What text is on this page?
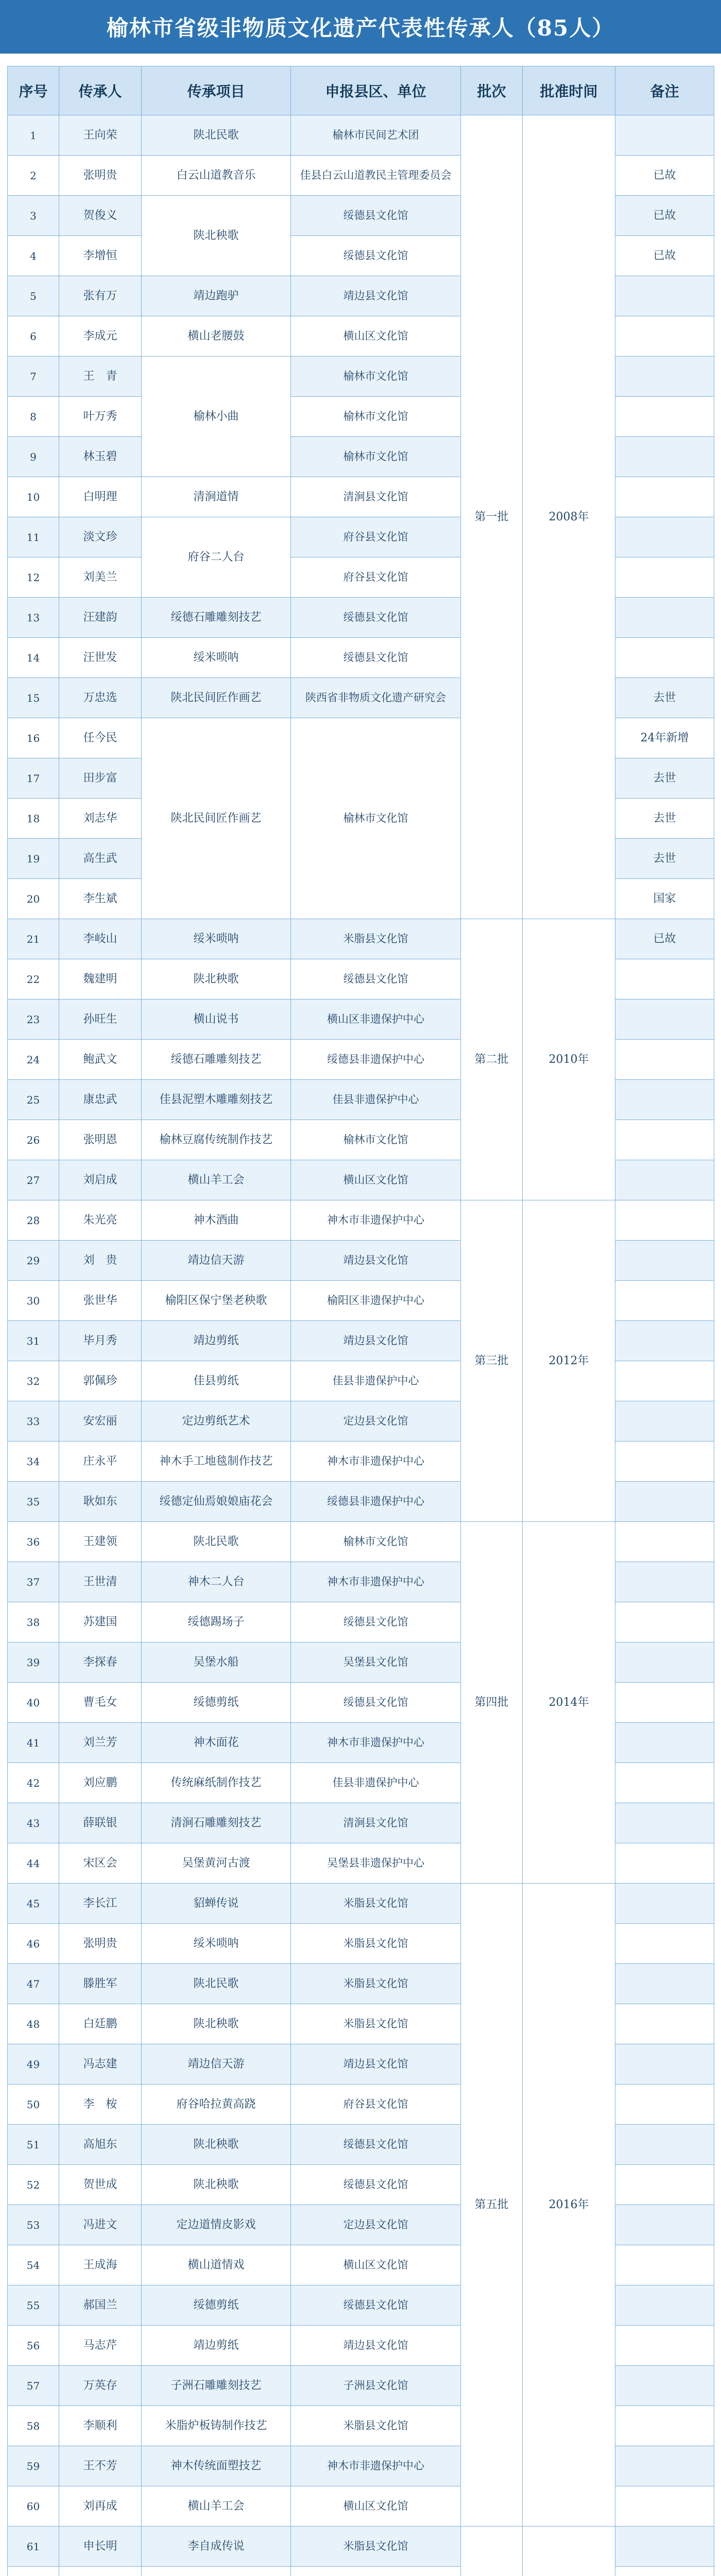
榆林市省级非物质文化遗产代表性传承人（85人）
序号	传承人	传承项目	申报县区、单位	批次	批准时间	备注
1	王向荣	陕北民歌	榆林市民间艺术团	第一批	2008年	
2	张明贵	白云山道教音乐	佳县白云山道教民主管理委员会			已故
3	贺俊义	陕北秧歌	绥德县文化馆			已故
4	李增恒		绥德县文化馆			已故
5	张有万	靖边跑驴	靖边县文化馆			
6	李成元	横山老腰鼓	横山区文化馆			
7	王　青	榆林小曲	榆林市文化馆			
8	叶万秀		榆林市文化馆			
9	林玉碧		榆林市文化馆			
10	白明理	清涧道情	清涧县文化馆			
11	淡文珍	府谷二人台	府谷县文化馆			
12	刘美兰		府谷县文化馆			
13	汪建韵	绥德石雕雕刻技艺	绥德县文化馆			
14	汪世发	绥米唢呐	绥德县文化馆			
15	万忠选	陕北民间匠作画艺	陕西省非物质文化遗产研究会			去世
16	任今民	陕北民间匠作画艺	榆林市文化馆			24年新增
17	田步富					去世
18	刘志华					去世
19	高生武					去世
20	李生斌					国家
21	李岐山	绥米唢呐	米脂县文化馆	第二批	2010年	已故
22	魏建明	陕北秧歌	绥德县文化馆			
23	孙旺生	横山说书	横山区非遗保护中心			
24	鲍武文	绥德石雕雕刻技艺	绥德县非遗保护中心			
25	康忠武	佳县泥塑木雕雕刻技艺	佳县非遗保护中心			
26	张明恩	榆林豆腐传统制作技艺	榆林市文化馆			
27	刘启成	横山羊工会	横山区文化馆			
28	朱光亮	神木酒曲	神木市非遗保护中心	第三批	2012年	
29	刘　贵	靖边信天游	靖边县文化馆			
30	张世华	榆阳区保宁堡老秧歌	榆阳区非遗保护中心			
31	毕月秀	靖边剪纸	靖边县文化馆			
32	郭佩珍	佳县剪纸	佳县非遗保护中心			
33	安宏丽	定边剪纸艺术	定边县文化馆			
34	庄永平	神木手工地毯制作技艺	神木市非遗保护中心			
35	耿如东	绥德定仙焉娘娘庙花会	绥德县非遗保护中心			
36	王建领	陕北民歌	榆林市文化馆	第四批	2014年	
37	王世清	神木二人台	神木市非遗保护中心			
38	苏建国	绥德踢场子	绥德县文化馆			
39	李探春	吴堡水船	吴堡县文化馆			
40	曹毛女	绥德剪纸	绥德县文化馆			
41	刘兰芳	神木面花	神木市非遗保护中心			
42	刘应鹏	传统麻纸制作技艺	佳县非遗保护中心			
43	薛联银	清涧石雕雕刻技艺	清涧县文化馆			
44	宋区会	吴堡黄河古渡	吴堡县非遗保护中心			
45	李长江	貂蝉传说	米脂县文化馆	第五批	2016年	
46	张明贵	绥米唢呐	米脂县文化馆			
47	滕胜军	陕北民歌	米脂县文化馆			
48	白廷鹏	陕北秧歌	米脂县文化馆			
49	冯志建	靖边信天游	靖边县文化馆			
50	李　桉	府谷哈拉黄高跷	府谷县文化馆			
51	高旭东	陕北秧歌	绥德县文化馆			
52	贺世成	陕北秧歌	绥德县文化馆			
53	冯进文	定边道情皮影戏	定边县文化馆			
54	王成海	横山道情戏	横山区文化馆			
55	郝国兰	绥德剪纸	绥德县文化馆			
56	马志芹	靖边剪纸	靖边县文化馆			
57	万英存	子洲石雕雕刻技艺	子洲县文化馆			
58	李顺利	米脂炉板铸制作技艺	米脂县文化馆			
59	王不芳	神木传统面塑技艺	神木市非遗保护中心			
60	刘再成	横山羊工会	横山区文化馆			
61	申长明	李自成传说	米脂县文化馆			
